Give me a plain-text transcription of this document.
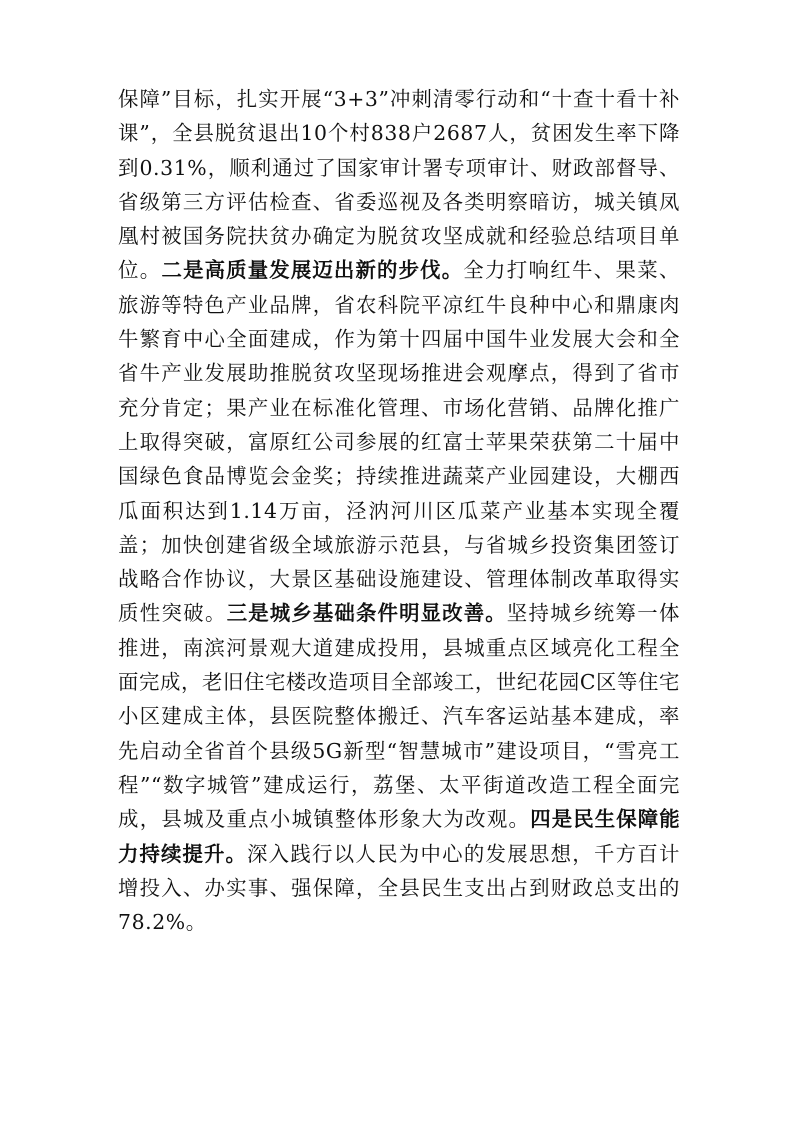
保障”目标，扎实开展“3+3”冲刺清零行动和“十查十看十补课”，全县脱贫退出10个村838户2687人，贫困发生率下降到0.31%，顺利通过了国家审计署专项审计、财政部督导、省级第三方评估检查、省委巡视及各类明察暗访，城关镇凤凰村被国务院扶贫办确定为脱贫攻坚成就和经验总结项目单位。二是高质量发展迈出新的步伐。全力打响红牛、果菜、旅游等特色产业品牌，省农科院平凉红牛良种中心和鼎康肉牛繁育中心全面建成，作为第十四届中国牛业发展大会和全省牛产业发展助推脱贫攻坚现场推进会观摩点，得到了省市充分肯定；果产业在标准化管理、市场化营销、品牌化推广上取得突破，富原红公司参展的红富士苹果荣获第二十届中国绿色食品博览会金奖；持续推进蔬菜产业园建设，大棚西瓜面积达到1.14万亩，泾汭河川区瓜菜产业基本实现全覆盖；加快创建省级全域旅游示范县，与省城乡投资集团签订战略合作协议，大景区基础设施建设、管理体制改革取得实质性突破。三是城乡基础条件明显改善。坚持城乡统筹一体推进，南滨河景观大道建成投用，县城重点区域亮化工程全面完成，老旧住宅楼改造项目全部竣工，世纪花园C区等住宅小区建成主体，县医院整体搬迁、汽车客运站基本建成，率先启动全省首个县级5G新型“智慧城市”建设项目，“雪亮工程”“数字城管”建成运行，荔堡、太平街道改造工程全面完成，县城及重点小城镇整体形象大为改观。四是民生保障能力持续提升。深入践行以人民为中心的发展思想，千方百计增投入、办实事、强保障，全县民生支出占到财政总支出的78.2%。
